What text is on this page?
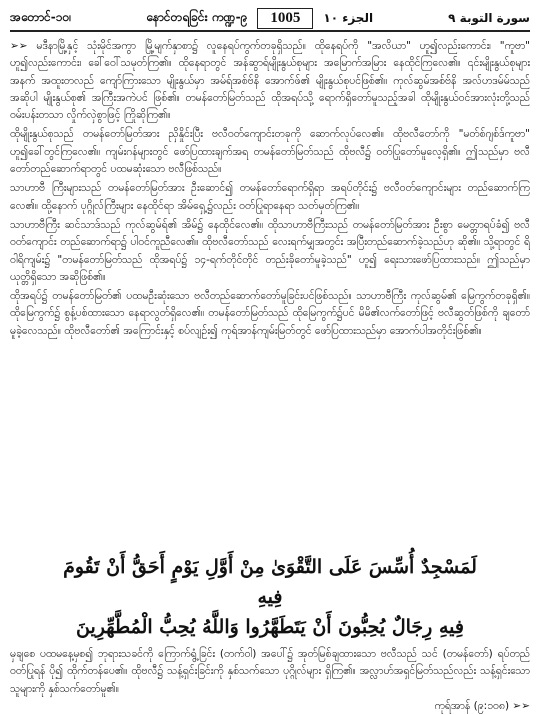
အတောင်-၁၀၊	နောင်တရခြင်း ကဏ္ဍ-၉	1005	الجزء ١٠	سورة التوبة ٩

➢➢ မဒီနာမြို့နှင့် သုံးမိုင်အကွာ မြို့မျက်နှာစာ၌ လူနေရပ်ကွက်တခုရှိသည်။ ထိုနေရပ်ကို "အလိယာ" ဟူ၍လည်းကောင်း၊ "ကူဗာ" ဟူ၍လည်းကောင်း၊ ခေါ်ဝေါ်သမုတ်ကြ၏။ ထိုနေရာတွင် အန်ဆွာရ်မျိုးနွယ်စုများ အမြောက်အမြား နေထိုင်ကြလေ၏။ ၎င်းမျိုးနွယ်စုများအနက် အထူးတလည် ကျော်ကြားသော မျိုးနွယ်မှာ အမ်ရ်အစ်ဗ်နိ အောက်ဖ်၏ မျိုးနွယ်စုပင်ဖြစ်၏။ ကုလ်ဆွမ်အစ်ဗ်နိ အလ်ဟဒမ်မ်သည် အဆိုပါ မျိုးနွယ်စု၏ အကြီးအကဲပင် ဖြစ်၏။ တမန်တော်မြတ်သည် ထိုအရပ်သို့ ရောက်ရှိတော်မူသည့်အခါ ထိုမျိုးနွယ်ဝင်အားလုံးတို့သည် ဝမ်းပန်းတသာ လှိုက်လှဲစွာဖြင့် ကြိုဆိုကြ၏။

ထိုမျိုးနွယ်စုသည် တမန်တော်မြတ်အား ညှိနှိုင်းပြီး ဗလီဝတ်ကျောင်းတခုကို ဆောက်လုပ်လေ၏။ ထိုဗလီတော်ကို "မတ်စ်ဂျစ်ဒ်ကူဗာ" ဟူ၍ခေါ်တွင်ကြလေ၏။ ကျမ်းဂန်များတွင် ဖော်ပြထားချက်အရ တမန်တော်မြတ်သည် ထိုဗလီ၌ ဝတ်ပြုတော်မူလေ့ရှိ၏။ ဤသည်မှာ ဗလီတော်တည်ဆောက်ရာတွင် ပထမဆုံးသော ဗလီဖြစ်သည်။

သာဟာဗီ ကြီးများသည် တမန်တော်မြတ်အား ဦးဆောင်၍ တမန်တော်ရောက်ရှိရာ အရပ်တိုင်း၌ ဗလီဝတ်ကျောင်းများ တည်ဆောက်ကြလေ၏။ ထို့နောက် ပုဂ္ဂိုလ်ကြီးများ နေထိုင်ရာ အိမ်ရှေ့၌လည်း ဝတ်ပြုရာနေရာ သတ်မှတ်ကြ၏။

သာဟာဗီကြီး ဆင်သာဒ်သည် ကုလ်ဆွမ်ရ်၏ အိမ်၌ နေထိုင်လေ၏။ ထိုသာဟာဗီကြီးသည် တမန်တော်မြတ်အား ဦးစွာ မေတ္တာရပ်ခံ၍ ဗလီဝတ်ကျောင်း တည်ဆောက်ရာ၌ ပါဝင်ကူညီလေ၏။ ထိုဗလီတော်သည် လေးရက်မျှအတွင်း အပြီးတည်ဆောက်ခဲ့သည်ဟု ဆို၏။ သို့ရာတွင် ရိဝါရိကျမ်း၌ "တမန်တော်မြတ်သည် ထိုအရပ်၌ ၁၄-ရက်တိုင်တိုင် တည်းခိုတော်မူခဲ့သည်" ဟူ၍ ရေးသားဖော်ပြထားသည်။ ဤသည်မှာ ယုတ္တိရှိသော အဆိုဖြစ်၏။

ထိုအရပ်၌ တမန်တော်မြတ်၏ ပထမဦးဆုံးသော ဗလီတည်ဆောက်တော်မူခြင်းပင်ဖြစ်သည်။ သာဟာဗီကြီး ကုလ်ဆွမ်၏ မြေကွက်တခုရှိ၏။ ထိုမြေကွက်၌ စွန့်ပစ်ထားသော နေရာလွတ်ရှိလေ၏။ တမန်တော်မြတ်သည် ထိုမြေကွက်၌ပင် မိမိ၏လက်တော်ဖြင့် ဗလီဆွတ်ဖြစ်ကို ချတော်မူခဲ့လေသည်။ ထိုဗလီတော်၏ အကြောင်းနှင့် စပ်လျဉ်း၍ ကုရ်အာန်ကျမ်းမြတ်တွင် ဖော်ပြထားသည်မှာ အောက်ပါအတိုင်းဖြစ်၏။

لَمَسْجِدٌ أُسِّسَ عَلَى التَّقْوَىٰ مِنْ أَوَّلِ يَوْمٍ أَحَقُّ أَنْ تَقُومَ فِيهِ
فِيهِ رِجَالٌ يُحِبُّونَ أَنْ يَتَطَهَّرُوا وَاللَّهُ يُحِبُّ الْمُطَّهِّرِينَ
မှချစေ ပထမနေ့မှစ၍ ဘုရားသခင်ကို ကြောက်ရွံ့ခြင်း (တက်ဝါ) အပေါ်၌ အုတ်မြစ်ချထားသော ဗလီသည် သင် (တမန်တော်) ရပ်တည်ဝတ်ပြုရန် ပို၍ ထိုက်တန်ပေ၏။ ထိုဗလီ၌ သန့်ရှင်းခြင်းကို နှစ်သက်သော ပုဂ္ဂိုလ်များ ရှိကြ၏။ အလ္လာဟ်အရှင်မြတ်သည်လည်း သန့်ရှင်းသော သူများကို နှစ်သက်တော်မူ၏။
ကုရ်အာန် (၉:၁၀၈) ➢➢
